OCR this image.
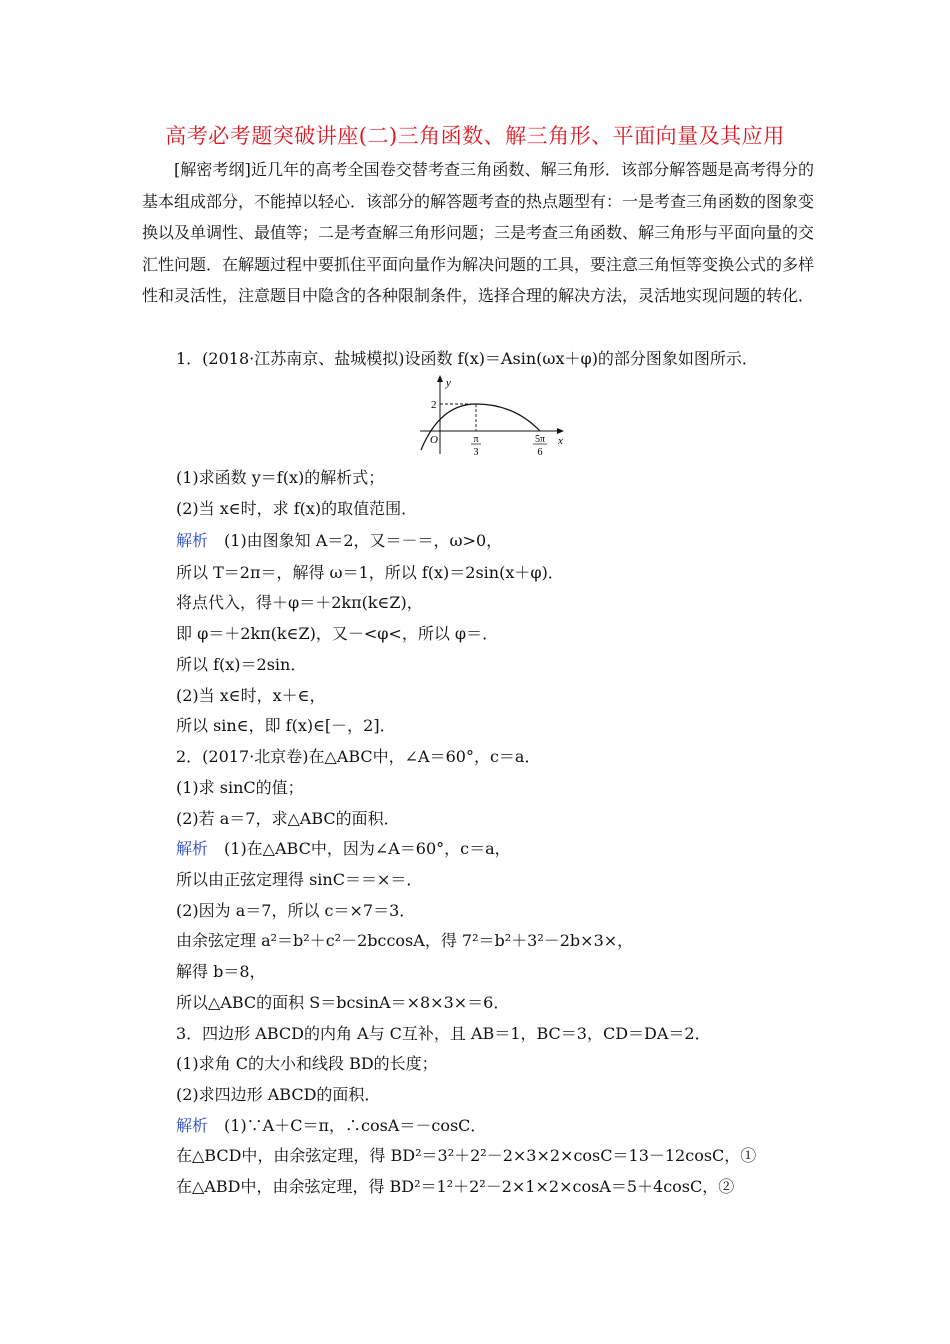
高考必考题突破讲座(二)三角函数、解三角形、平面向量及其应用
[解密考纲]近几年的高考全国卷交替考查三角函数、解三角形．该部分解答题是高考得分的基本组成部分，不能掉以轻心．该部分的解答题考查的热点题型有：一是考查三角函数的图象变换以及单调性、最值等；二是考查解三角形问题；三是考查三角函数、解三角形与平面向量的交汇性问题．在解题过程中要抓住平面向量作为解决问题的工具，要注意三角恒等变换公式的多样性和灵活性，注意题目中隐含的各种限制条件，选择合理的解决方法，灵活地实现问题的转化．
y
x
O
2
π
3
5π
6
1．(2018·江苏南京、盐城模拟)设函数 f(x)＝Asin(ωx＋φ)的部分图象如图所示．
(1)求函数 y＝f(x)的解析式；
(2)当 x∈时，求 f(x)的取值范围．
解析　(1)由图象知 A＝2，又＝－＝，ω>0，
所以 T＝2π＝，解得 ω＝1，所以 f(x)＝2sin(x＋φ)．
将点代入，得＋φ＝＋2kπ(k∈Z)，
即 φ＝＋2kπ(k∈Z)，又－<φ<，所以 φ＝．
所以 f(x)＝2sin．
(2)当 x∈时，x＋∈，
所以 sin∈，即 f(x)∈[－，2]．
2．(2017·北京卷)在△ABC中，∠A＝60°，c＝a．
(1)求 sinC的值；
(2)若 a＝7，求△ABC的面积．
解析　(1)在△ABC中，因为∠A＝60°，c＝a，
所以由正弦定理得 sinC＝＝×＝．
(2)因为 a＝7，所以 c＝×7＝3．
由余弦定理 a²＝b²＋c²－2bccosA，得 7²＝b²＋3²－2b×3×，
解得 b＝8，
所以△ABC的面积 S＝bcsinA＝×8×3×＝6．
3．四边形 ABCD的内角 A与 C互补，且 AB＝1，BC＝3，CD＝DA＝2．
(1)求角 C的大小和线段 BD的长度；
(2)求四边形 ABCD的面积．
解析　(1)∵A＋C＝π，∴cosA＝－cosC．
在△BCD中，由余弦定理，得 BD²＝3²＋2²－2×3×2×cosC＝13－12cosC，①
在△ABD中，由余弦定理，得 BD²＝1²＋2²－2×1×2×cosA＝5＋4cosC，②
